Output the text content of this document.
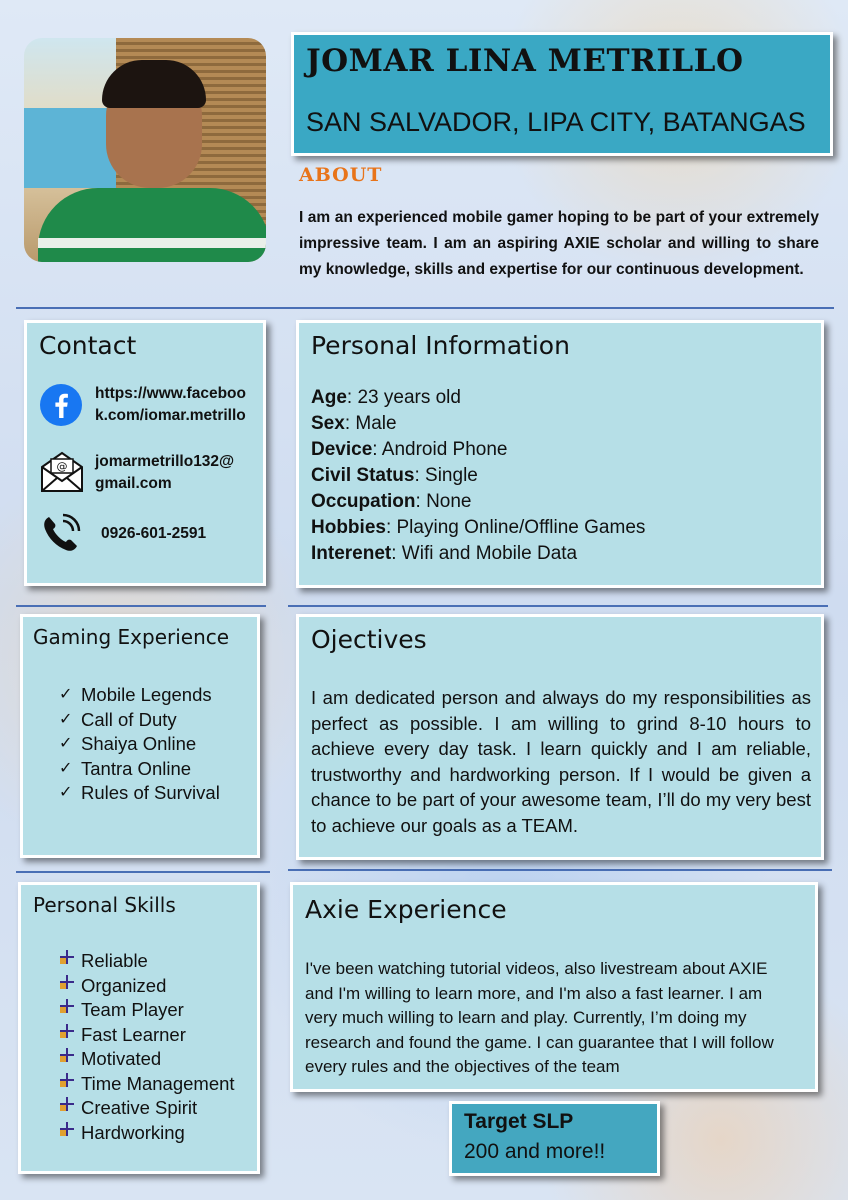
JOMAR LINA METRILLO
SAN SALVADOR, LIPA CITY, BATANGAS
ABOUT
I am an experienced mobile gamer hoping to be part of your extremely impressive team. I am an aspiring AXIE scholar and willing to share my knowledge, skills and expertise for our continuous development.
Contact
https://www.faceboo
k.com/iomar.metrillo
@ jomarmetrillo132@
gmail.com
0926-601-2591
Personal Information
Age: 23 years old
Sex: Male
Device: Android Phone
Civil Status: Single
Occupation: None
Hobbies: Playing Online/Offline Games
Interenet: Wifi and Mobile Data
Gaming Experience
✓ Mobile Legends
✓ Call of Duty
✓ Shaiya Online
✓ Tantra Online
✓ Rules of Survival
Ojectives
I am dedicated person and always do my responsibilities as perfect as possible. I am willing to grind 8-10 hours to achieve every day task. I learn quickly and I am reliable, trustworthy and hardworking person. If I would be given a chance to be part of your awesome team, I’ll do my very best to achieve our goals as a TEAM.
Personal Skills
Reliable
Organized
Team Player
Fast Learner
Motivated
Time Management
Creative Spirit
Hardworking
Axie Experience
I've been watching tutorial videos, also livestream about AXIE and I'm willing to learn more, and I'm also a fast learner. I am very much willing to learn and play. Currently, I’m doing my research and found the game. I can guarantee that I will follow every rules and the objectives of the team
Target SLP
200 and more!!
